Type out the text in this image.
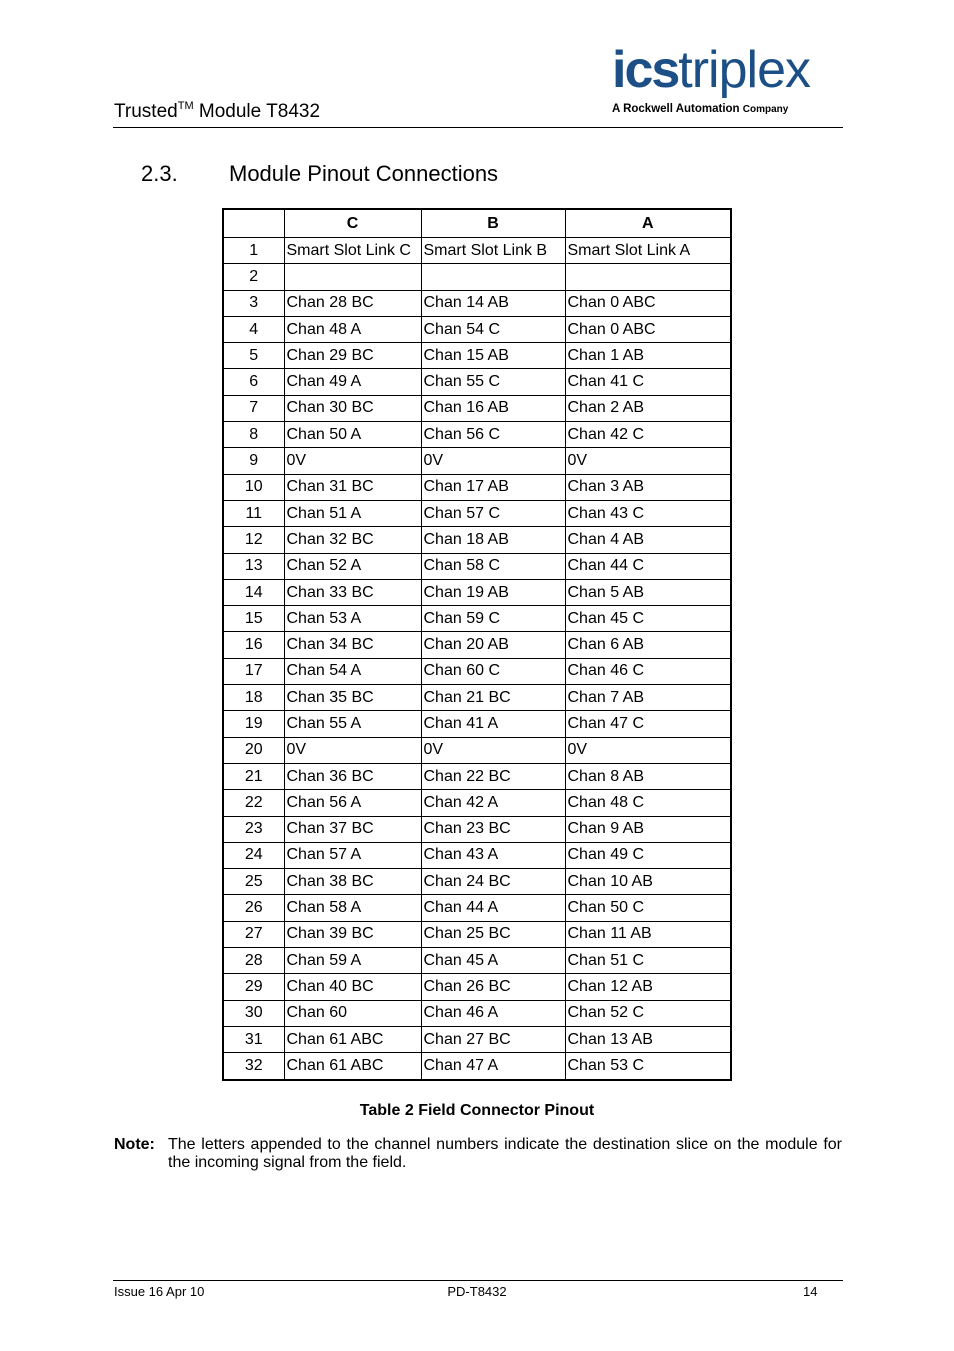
Trusted™ Module T8432
icstriplex
A Rockwell Automation Company
2.3. Module Pinout Connections
	C	B	A
1	Smart Slot Link C	Smart Slot Link B	Smart Slot Link A
2			
3	Chan 28 BC	Chan 14 AB	Chan 0 ABC
4	Chan 48 A	Chan 54 C	Chan 0 ABC
5	Chan 29 BC	Chan 15 AB	Chan 1 AB
6	Chan 49 A	Chan 55 C	Chan 41 C
7	Chan 30 BC	Chan 16 AB	Chan 2 AB
8	Chan 50 A	Chan 56 C	Chan 42 C
9	0V	0V	0V
10	Chan 31 BC	Chan 17 AB	Chan 3 AB
11	Chan 51 A	Chan 57 C	Chan 43 C
12	Chan 32 BC	Chan 18 AB	Chan 4 AB
13	Chan 52 A	Chan 58 C	Chan 44 C
14	Chan 33 BC	Chan 19 AB	Chan 5 AB
15	Chan 53 A	Chan 59 C	Chan 45 C
16	Chan 34 BC	Chan 20 AB	Chan 6 AB
17	Chan 54 A	Chan 60 C	Chan 46 C
18	Chan 35 BC	Chan 21 BC	Chan 7 AB
19	Chan 55 A	Chan 41 A	Chan 47 C
20	0V	0V	0V
21	Chan 36 BC	Chan 22 BC	Chan 8 AB
22	Chan 56 A	Chan 42 A	Chan 48 C
23	Chan 37 BC	Chan 23 BC	Chan 9 AB
24	Chan 57 A	Chan 43 A	Chan 49 C
25	Chan 38 BC	Chan 24 BC	Chan 10 AB
26	Chan 58 A	Chan 44 A	Chan 50 C
27	Chan 39 BC	Chan 25 BC	Chan 11 AB
28	Chan 59 A	Chan 45 A	Chan 51 C
29	Chan 40 BC	Chan 26 BC	Chan 12 AB
30	Chan 60	Chan 46 A	Chan 52 C
31	Chan 61 ABC	Chan 27 BC	Chan 13 AB
32	Chan 61 ABC	Chan 47 A	Chan 53 C
Table 2 Field Connector Pinout
Note: The letters appended to the channel numbers indicate the destination slice on the module for the incoming signal from the field.
Issue 16 Apr 10	PD-T8432	14
